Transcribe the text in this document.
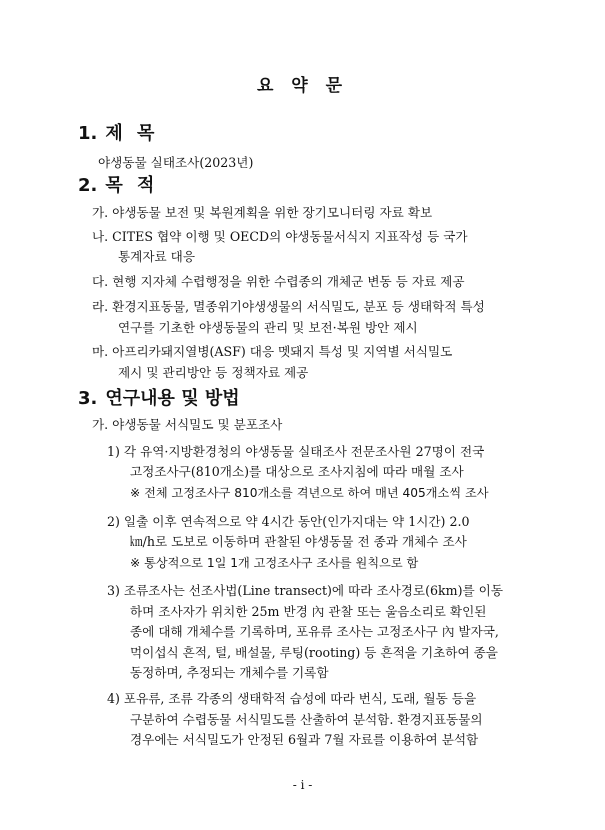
요 약 문
1. 제 목
야생동물 실태조사(2023년)
2. 목 적
가. 야생동물 보전 및 복원계획을 위한 장기모니터링 자료 확보
나. CITES 협약 이행 및 OECD의 야생동물서식지 지표작성 등 국가
통계자료 대응
다. 현행 지자체 수렵행정을 위한 수렵종의 개체군 변동 등 자료 제공
라. 환경지표동물, 멸종위기야생생물의 서식밀도, 분포 등 생태학적 특성
연구를 기초한 야생동물의 관리 및 보전·복원 방안 제시
마. 아프리카돼지열병(ASF) 대응 멧돼지 특성 및 지역별 서식밀도
제시 및 관리방안 등 정책자료 제공
3. 연구내용 및 방법
가. 야생동물 서식밀도 및 분포조사
1) 각 유역·지방환경청의 야생동물 실태조사 전문조사원 27명이 전국
고정조사구(810개소)를 대상으로 조사지침에 따라 매월 조사
※ 전체 고정조사구 810개소를 격년으로 하여 매년 405개소씩 조사
2) 일출 이후 연속적으로 약 4시간 동안(인가지대는 약 1시간) 2.0
㎞/h로 도보로 이동하며 관찰된 야생동물 전 종과 개체수 조사
※ 통상적으로 1일 1개 고정조사구 조사를 원칙으로 함
3) 조류조사는 선조사법(Line transect)에 따라 조사경로(6km)를 이동
하며 조사자가 위치한 25m 반경 內 관찰 또는 울음소리로 확인된
종에 대해 개체수를 기록하며, 포유류 조사는 고정조사구 內 발자국,
먹이섭식 흔적, 털, 배설물, 루팅(rooting) 등 흔적을 기초하여 종을
동정하며, 추정되는 개체수를 기록함
4) 포유류, 조류 각종의 생태학적 습성에 따라 번식, 도래, 월동 등을
구분하여 수렵동물 서식밀도를 산출하여 분석함. 환경지표동물의
경우에는 서식밀도가 안정된 6월과 7월 자료를 이용하여 분석함
- i -
